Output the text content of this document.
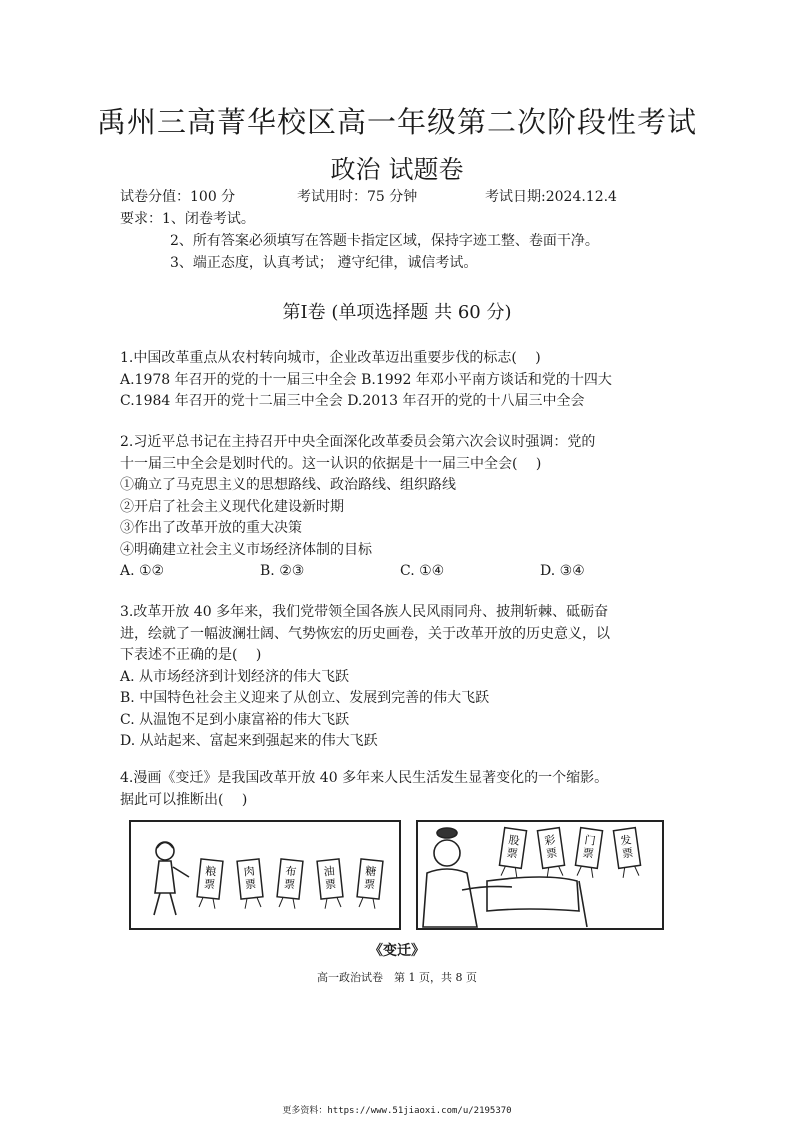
禹州三高菁华校区高一年级第二次阶段性考试
政治 试题卷
试卷分值：100 分	考试用时：75 分钟	考试日期:2024.12.4
要求：1、闭卷考试。
2、所有答案必须填写在答题卡指定区域，保持字迹工整、卷面干净。
3、端正态度，认真考试； 遵守纪律，诚信考试。
第Ⅰ卷 (单项选择题 共 60 分)

1.中国改革重点从农村转向城市，企业改革迈出重要步伐的标志(　 )

A.1978 年召开的党的十一届三中全会 B.1992 年邓小平南方谈话和党的十四大

C.1984 年召开的党十二届三中全会 D.2013 年召开的党的十八届三中全会

2.习近平总书记在主持召开中央全面深化改革委员会第六次会议时强调：党的

十一届三中全会是划时代的。这一认识的依据是十一届三中全会(　 )

①确立了马克思主义的思想路线、政治路线、组织路线

②开启了社会主义现代化建设新时期

③作出了改革开放的重大决策

④明确建立社会主义市场经济体制的目标

A. ①②	B. ②③	C. ①④	D. ③④

3.改革开放 40 多年来，我们党带领全国各族人民风雨同舟、披荆斩棘、砥砺奋

进，绘就了一幅波澜壮阔、气势恢宏的历史画卷，关于改革开放的历史意义，以

下表述不正确的是(　 )

A. 从市场经济到计划经济的伟大飞跃

B. 中国特色社会主义迎来了从创立、发展到完善的伟大飞跃

C. 从温饱不足到小康富裕的伟大飞跃

D. 从站起来、富起来到强起来的伟大飞跃

4.漫画《变迁》是我国改革开放 40 多年来人民生活发生显著变化的一个缩影。

据此可以推断出(　 )

粮
票
肉
票
布
票
油
票
糖
票
股
票
彩
票
门
票
发
票
《变迁》
高一政治试卷　第 1 页，共 8 页
更多资料：https://www.51jiaoxi.com/u/2195370
